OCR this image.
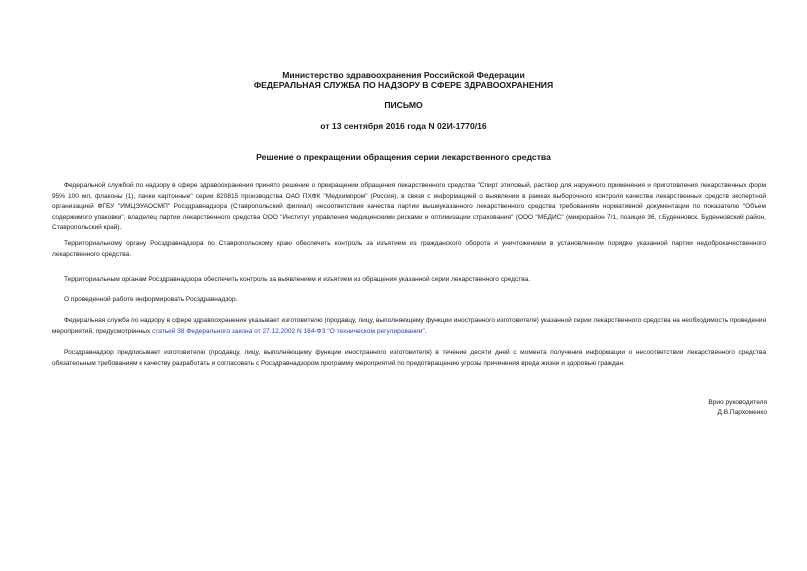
Министерство здравоохранения Российской Федерации
ФЕДЕРАЛЬНАЯ СЛУЖБА ПО НАДЗОРУ В СФЕРЕ ЗДРАВООХРАНЕНИЯ
ПИСЬМО
от 13 сентября 2016 года N 02И-1770/16
Решение о прекращении обращения серии лекарственного средства

Федеральной службой по надзору в сфере здравоохранения принято решение о прекращении обращения лекарственного средства "Спирт этиловый, раствор для наружного применения и приготовления лекарственных форм 95% 100 мл, флаконы (1), пачки картонные" серии 820815 производства ОАО ПХФК "Медхимпром" (Россия), в связи с информацией о выявлении в рамках выборочного контроля качества лекарственных средств экспертной организацией ФГБУ "ИМЦЭУАОСМП" Росздравнадзора (Ставропольский филиал) несоответствия качества партии вышеуказанного лекарственного средства требованиям нормативной документации по показателю "Объем содержимого упаковки", владелец партии лекарственного средства ООО "Институт управления медицинскими рисками и оптимизации страхования" (ООО "МЕДИС" (микрорайон 7/1, позиция 36, г.Буденновск, Буденновский район, Ставропольский край).

Территориальному органу Росздравнадзора по Ставропольскому краю обеспечить контроль за изъятием из гражданского оборота и уничтожением в установленном порядке указанной партии недоброкачественного лекарственного средства.

Территориальным органам Росздравнадзора обеспечить контроль за выявлением и изъятием из обращения указанной серии лекарственного средства.

О проведенной работе информировать Росздравнадзор.

Федеральная служба по надзору в сфере здравоохранения указывает изготовителю (продавцу, лицу, выполняющему функции иностранного изготовителя) указанной серии лекарственного средства на необходимость проведения мероприятий, предусмотренных статьей 38 Федерального закона от 27.12.2002 N 184-ФЗ "О техническом регулировании".

Росздравнадзор предписывает изготовителю (продавцу, лицу, выполняющему функции иностранного изготовителя) в течение десяти дней с момента получения информации о несоответствии лекарственного средства обязательным требованиям к качеству разработать и согласовать с Росздравнадзором программу мероприятий по предотвращению угрозы причинения вреда жизни и здоровью граждан.

Врио руководителя
Д.В.Пархоменко
